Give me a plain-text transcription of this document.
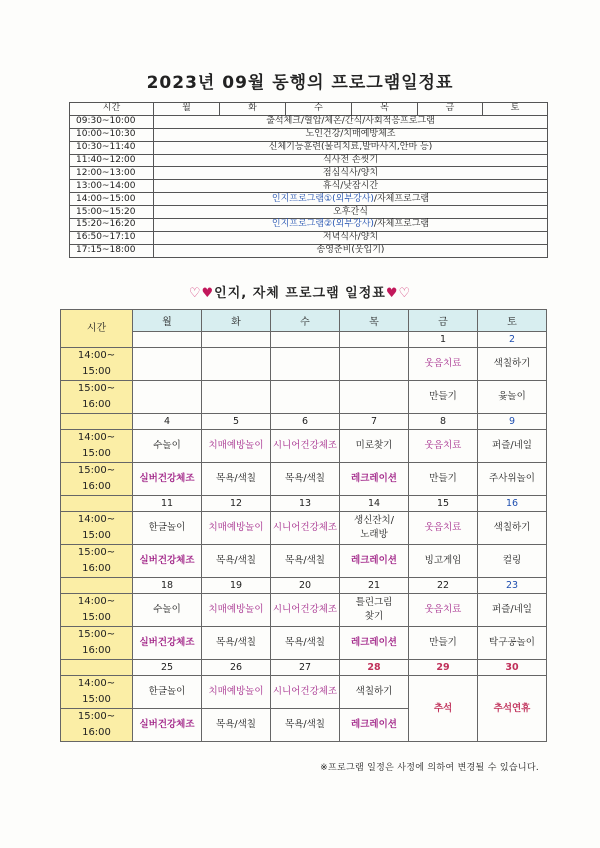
2023년 09월 동행의 프로그램일정표
시간	월	화	수	목	금	토
09:30~10:00	출석체크/혈압/체온/간식/사회적응프로그램					
10:00~10:30	노인건강/치매예방체조					
10:30~11:40	신체기능훈련(물리치료,발마사지,안마 등)					
11:40~12:00	식사전 손씻기					
12:00~13:00	점심식사/양치					
13:00~14:00	휴식/낮잠시간					
14:00~15:00	인지프로그램①(외부강사)/자체프로그램					
15:00~15:20	오후간식					
15:20~16:20	인지프로그램②(외부강사)/자체프로그램					
16:50~17:10	저녁식사/양치					
17:15~18:00	송영준비(웃입기)					
♡♥인지, 자체 프로그램 일정표♥♡
시간	월	화	수	목	금	토
					1	2
14:00~
15:00					웃음치료	색칠하기
15:00~
16:00					만들기	윷놀이
	4	5	6	7	8	9
14:00~
15:00	수놀이	치매예방놀이	시니어건강체조	미로찾기	웃음치료	퍼즐/네일
15:00~
16:00	실버건강체조	목욕/색칠	목욕/색칠	레크레이션	만들기	주사위놀이
	11	12	13	14	15	16
14:00~
15:00	한글놀이	치매예방놀이	시니어건강체조	생신잔치/
노래방	웃음치료	색칠하기
15:00~
16:00	실버건강체조	목욕/색칠	목욕/색칠	레크레이션	빙고게임	컬링
	18	19	20	21	22	23
14:00~
15:00	수놀이	치매예방놀이	시니어건강체조	틀린그림
찾기	웃음치료	퍼즐/네일
15:00~
16:00	실버건강체조	목욕/색칠	목욕/색칠	레크레이션	만들기	탁구공놀이
	25	26	27	28	29	30
14:00~
15:00	한글놀이	치매예방놀이	시니어건강체조	색칠하기	추석	추석연휴
15:00~
16:00	실버건강체조	목욕/색칠	목욕/색칠	레크레이션		
※프로그램 일정은 사정에 의하여 변경될 수 있습니다.
